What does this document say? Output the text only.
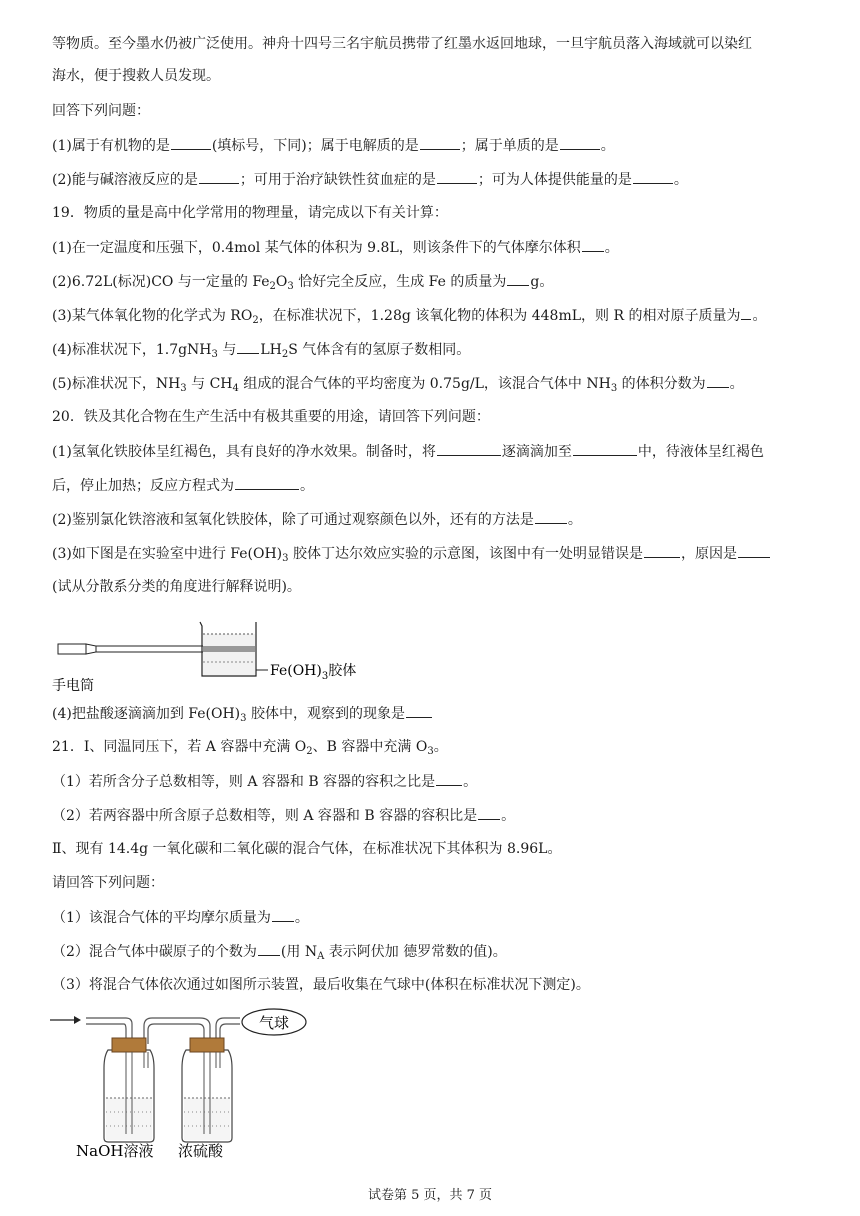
等物质。至今墨水仍被广泛使用。神舟十四号三名宇航员携带了红墨水返回地球，一旦宇航员落入海域就可以染红
海水，便于搜救人员发现。
回答下列问题：
(1)属于有机物的是	(填标号，下同)；属于电解质的是	；属于单质的是	。
(2)能与碱溶液反应的是	；可用于治疗缺铁性贫血症的是	；可为人体提供能量的是	。
19．物质的量是高中化学常用的物理量，请完成以下有关计算：
(1)在一定温度和压强下，0.4mol 某气体的体积为 9.8L，则该条件下的气体摩尔体积 。
(2)6.72L(标况)CO 与一定量的 $Fe_2O_3$ 恰好完全反应，生成 Fe 的质量为 g。
(3)某气体氧化物的化学式为 $RO_2$，在标准状况下，1.28g 该氧化物的体积为 448mL，则 R 的相对原子质量为 。
(4)标准状况下，1.7gNH$_3$ 与 $LH_2S$ 气体含有的氢原子数相同。
(5)标准状况下，$NH_3$ 与 $CH_4$ 组成的混合气体的平均密度为 0.75g/L，该混合气体中 $NH_3$ 的体积分数为 。
20．铁及其化合物在生产生活中有极其重要的用途，请回答下列问题：
(1)氢氧化铁胶体呈红褐色，具有良好的净水效果。制备时，将	逐滴滴加至	中，待液体呈红褐色
后，停止加热；反应方程式为	。
(2)鉴别氯化铁溶液和氢氧化铁胶体，除了可通过观察颜色以外，还有的方法是 。
(3)如下图是在实验室中进行 $Fe(OH)_3$ 胶体丁达尔效应实验的示意图，该图中有一处明显错误是	，原因是
(试从分散系分类的角度进行解释说明)。
$Fe(OH)_3$胶体
手电筒
(4)把盐酸逐滴滴加到 $Fe(OH)_3$ 胶体中，观察到的现象是
21．Ⅰ、同温同压下，若 A 容器中充满 $O_2$、B 容器中充满 $O_3$。
（1）若所含分子总数相等，则 A 容器和 B 容器的容积之比是 。
（2）若两容器中所含原子总数相等，则 A 容器和 B 容器的容积比是 。
Ⅱ、现有 14.4g 一氧化碳和二氧化碳的混合气体，在标准状况下其体积为 8.96L。
请回答下列问题：
（1）该混合气体的平均摩尔质量为 。
（2）混合气体中碳原子的个数为 (用 $N_A$ 表示阿伏加 德罗常数的值)。
（3）将混合气体依次通过如图所示装置，最后收集在气球中(体积在标准状况下测定)。
气球
NaOH溶液 浓硫酸
试卷第 5 页，共 7 页
